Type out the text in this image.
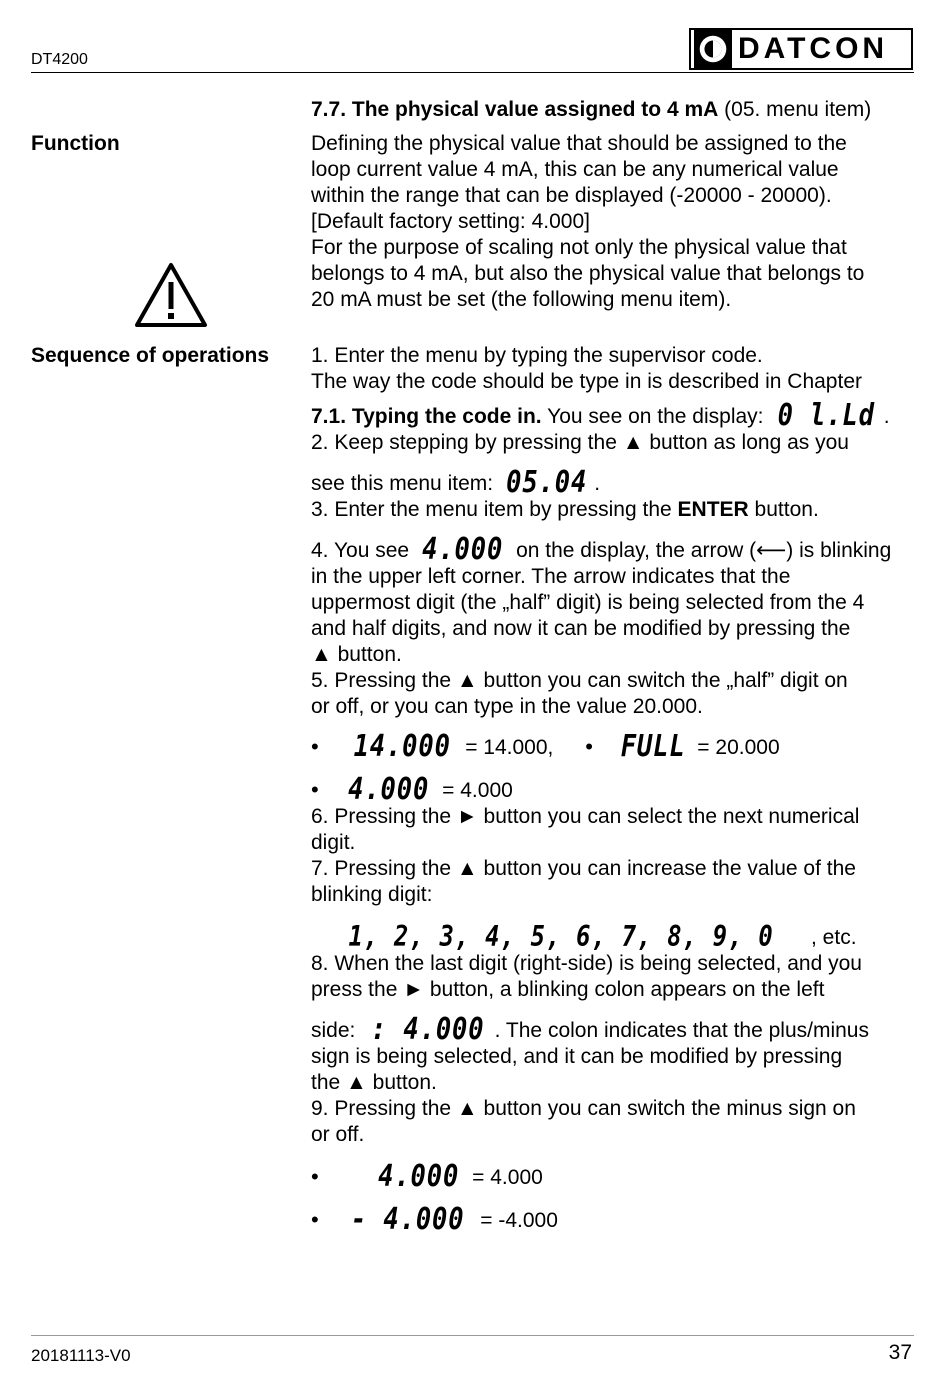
DT4200	DATCON
Function
Sequence of operations
7.7. The physical value assigned to 4 mA (05. menu item)

Defining the physical value that should be assigned to the

loop current value 4 mA, this can be any numerical value

within the range that can be displayed (-20000 - 20000).

[Default factory setting: 4.000]

For the purpose of scaling not only the physical value that

belongs to 4 mA, but also the physical value that belongs to

20 mA must be set (the following menu item).

1. Enter the menu by typing the supervisor code.

The way the code should be type in is described in Chapter

7.1. Typing the code in. You see on the display: 0 l.Ld .

2. Keep stepping by pressing the ▲ button as long as you

see this menu item: 05.04 .

3. Enter the menu item by pressing the ENTER button.

4. You see 4.000 on the display, the arrow (⟵) is blinking

in the upper left corner. The arrow indicates that the

uppermost digit (the „half” digit) is being selected from the 4

and half digits, and now it can be modified by pressing the

▲ button.

5. Pressing the ▲ button you can switch the „half” digit on

or off, or you can type in the value 20.000.

• 14.000 = 14.000, • FULL = 20.000

• 4.000 = 4.000

6. Pressing the ► button you can select the next numerical

digit.

7. Pressing the ▲ button you can increase the value of the

blinking digit:

1, 2, 3, 4, 5, 6, 7, 8, 9, 0 , etc.

8. When the last digit (right-side) is being selected, and you

press the ► button, a blinking colon appears on the left

side: : 4.000 . The colon indicates that the plus/minus

sign is being selected, and it can be modified by pressing

the ▲ button.

9. Pressing the ▲ button you can switch the minus sign on

or off.

• 4.000 = 4.000

• - 4.000 = -4.000

20181113-V0	37
